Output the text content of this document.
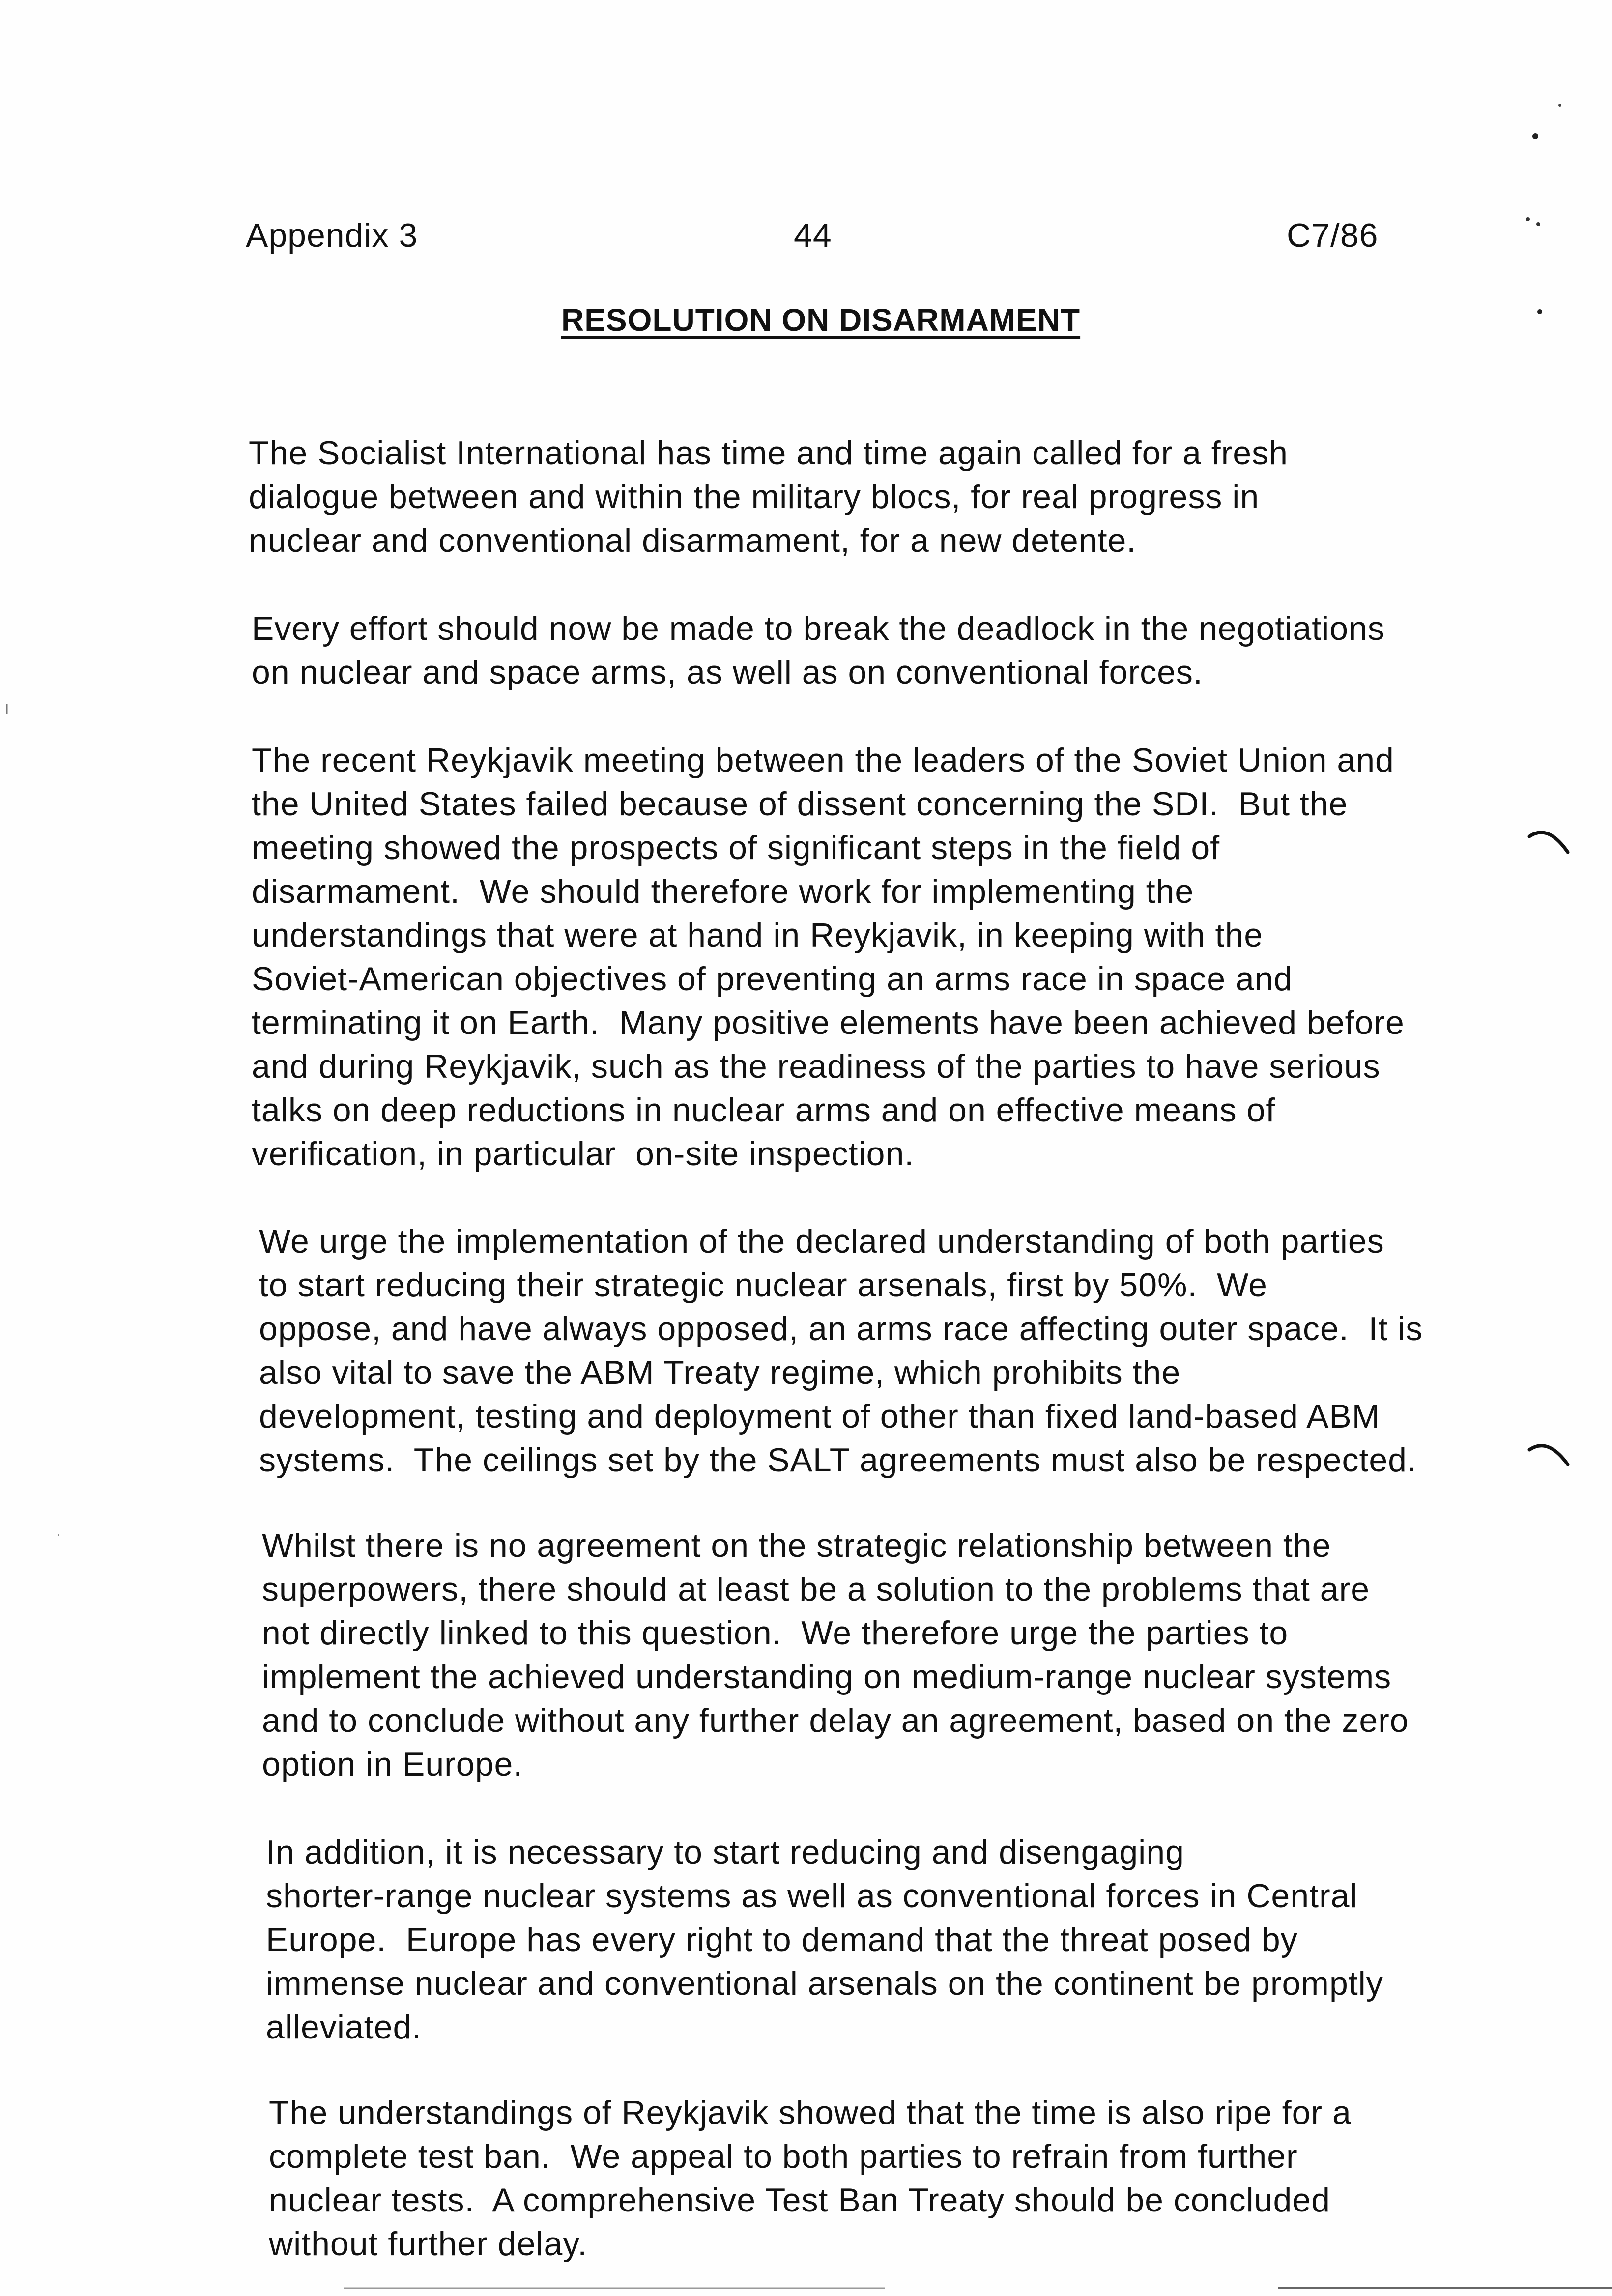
Appendix 3	44	C7/86
RESOLUTION ON DISARMAMENT
The Socialist International has time and time again called for a fresh
dialogue between and within the military blocs, for real progress in
nuclear and conventional disarmament, for a new detente.
Every effort should now be made to break the deadlock in the negotiations
on nuclear and space arms, as well as on conventional forces.
The recent Reykjavik meeting between the leaders of the Soviet Union and
the United States failed because of dissent concerning the SDI.  But the
meeting showed the prospects of significant steps in the field of
disarmament.  We should therefore work for implementing the
understandings that were at hand in Reykjavik, in keeping with the
Soviet-American objectives of preventing an arms race in space and
terminating it on Earth.  Many positive elements have been achieved before
and during Reykjavik, such as the readiness of the parties to have serious
talks on deep reductions in nuclear arms and on effective means of
verification, in particular  on-site inspection.
We urge the implementation of the declared understanding of both parties
to start reducing their strategic nuclear arsenals, first by 50%.  We
oppose, and have always opposed, an arms race affecting outer space.  It is
also vital to save the ABM Treaty regime, which prohibits the
development, testing and deployment of other than fixed land-based ABM
systems.  The ceilings set by the SALT agreements must also be respected.
Whilst there is no agreement on the strategic relationship between the
superpowers, there should at least be a solution to the problems that are
not directly linked to this question.  We therefore urge the parties to
implement the achieved understanding on medium-range nuclear systems
and to conclude without any further delay an agreement, based on the zero
option in Europe.
In addition, it is necessary to start reducing and disengaging
shorter-range nuclear systems as well as conventional forces in Central
Europe.  Europe has every right to demand that the threat posed by
immense nuclear and conventional arsenals on the continent be promptly
alleviated.
The understandings of Reykjavik showed that the time is also ripe for a
complete test ban.  We appeal to both parties to refrain from further
nuclear tests.  A comprehensive Test Ban Treaty should be concluded
without further delay.
